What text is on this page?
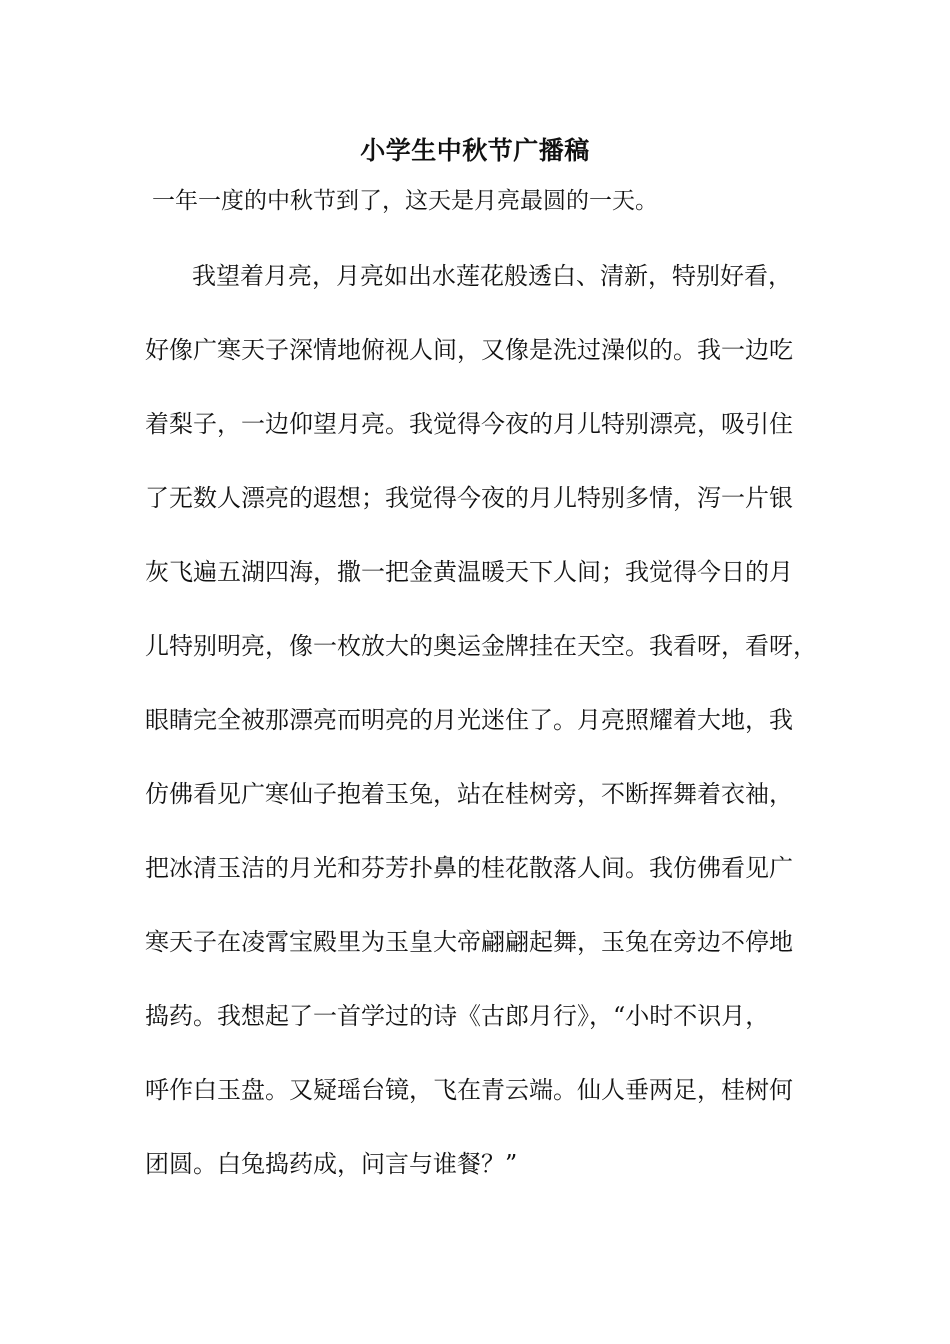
小学生中秋节广播稿
一年一度的中秋节到了，这天是月亮最圆的一天。
我望着月亮，月亮如出水莲花般透白、清新，特别好看，
好像广寒天子深情地俯视人间，又像是洗过澡似的。我一边吃
着梨子，一边仰望月亮。我觉得今夜的月儿特别漂亮，吸引住
了无数人漂亮的遐想；我觉得今夜的月儿特别多情，泻一片银
灰飞遍五湖四海，撒一把金黄温暖天下人间；我觉得今日的月
儿特别明亮，像一枚放大的奥运金牌挂在天空。我看呀，看呀，
眼睛完全被那漂亮而明亮的月光迷住了。月亮照耀着大地，我
仿佛看见广寒仙子抱着玉兔，站在桂树旁，不断挥舞着衣袖，
把冰清玉洁的月光和芬芳扑鼻的桂花散落人间。我仿佛看见广
寒天子在凌霄宝殿里为玉皇大帝翩翩起舞，玉兔在旁边不停地
捣药。我想起了一首学过的诗《古郎月行》，“小时不识月，
呼作白玉盘。又疑瑶台镜，飞在青云端。仙人垂两足，桂树何
团圆。白兔捣药成，问言与谁餐？”
